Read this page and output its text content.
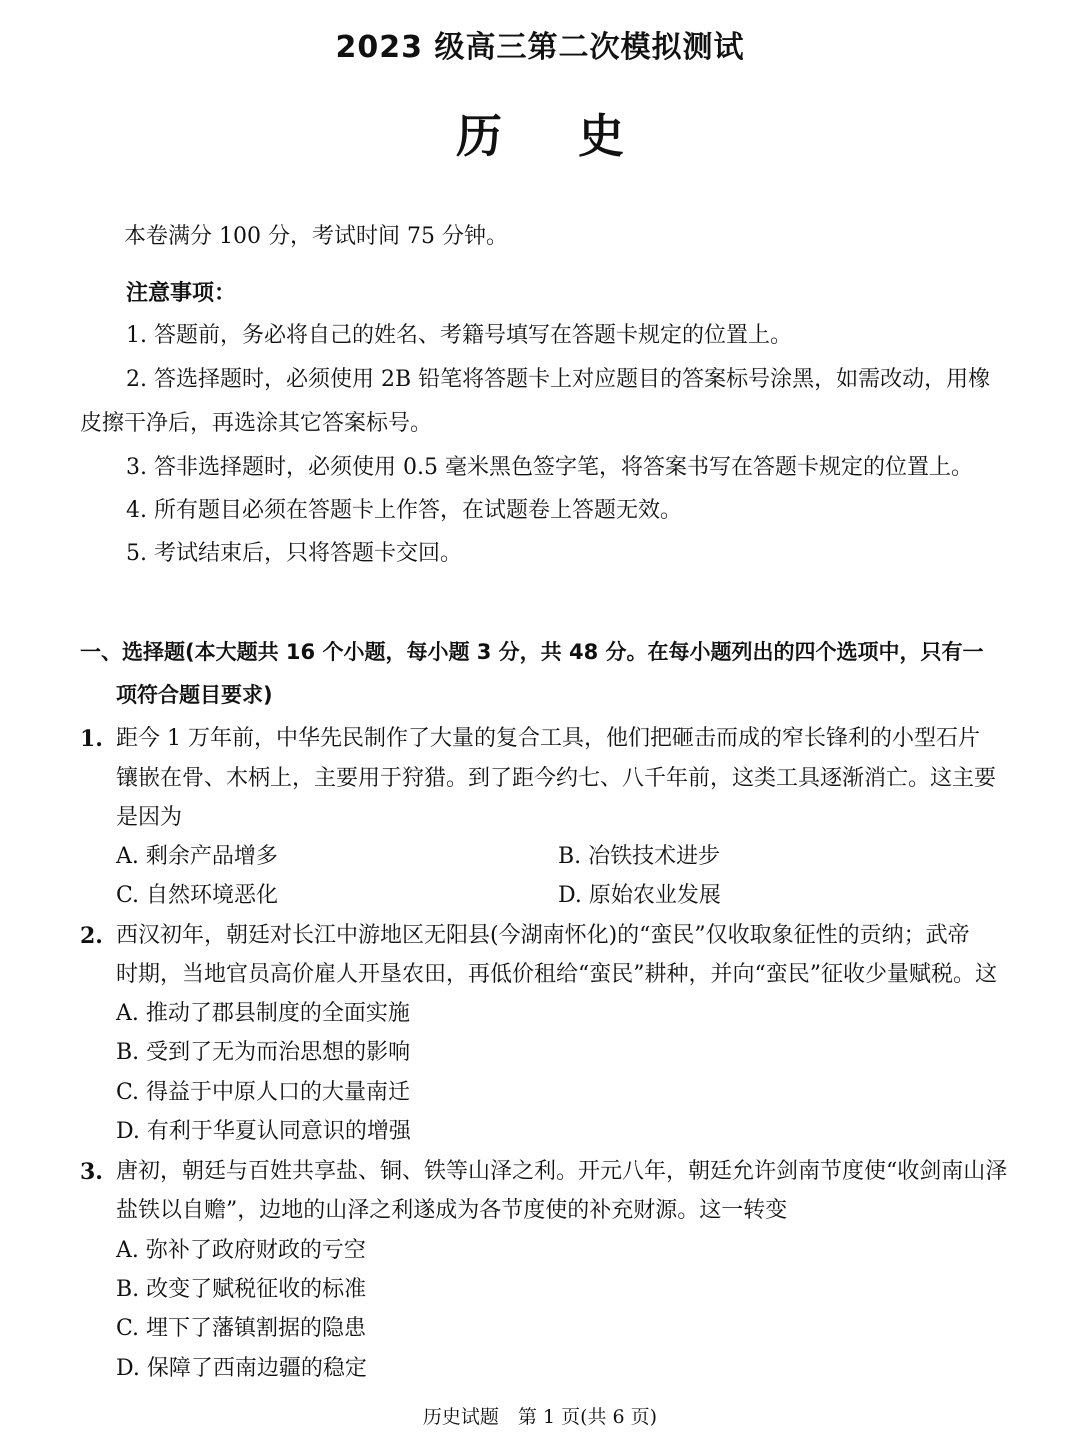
2023 级高三第二次模拟测试
历 史
本卷满分 100 分，考试时间 75 分钟。
注意事项：
1. 答题前，务必将自己的姓名、考籍号填写在答题卡规定的位置上。
2. 答选择题时，必须使用 2B 铅笔将答题卡上对应题目的答案标号涂黑，如需改动，用橡
皮擦干净后，再选涂其它答案标号。
3. 答非选择题时，必须使用 0.5 毫米黑色签字笔，将答案书写在答题卡规定的位置上。
4. 所有题目必须在答题卡上作答，在试题卷上答题无效。
5. 考试结束后，只将答题卡交回。
一、选择题(本大题共 16 个小题，每小题 3 分，共 48 分。在每小题列出的四个选项中，只有一
项符合题目要求)
1. 距今 1 万年前，中华先民制作了大量的复合工具，他们把砸击而成的窄长锋利的小型石片
镶嵌在骨、木柄上，主要用于狩猎。到了距今约七、八千年前，这类工具逐渐消亡。这主要
是因为
A. 剩余产品增多	B. 冶铁技术进步
C. 自然环境恶化	D. 原始农业发展
2. 西汉初年，朝廷对长江中游地区无阳县(今湖南怀化)的“蛮民”仅收取象征性的贡纳；武帝
时期，当地官员高价雇人开垦农田，再低价租给“蛮民”耕种，并向“蛮民”征收少量赋税。这
A. 推动了郡县制度的全面实施
B. 受到了无为而治思想的影响
C. 得益于中原人口的大量南迁
D. 有利于华夏认同意识的增强
3. 唐初，朝廷与百姓共享盐、铜、铁等山泽之利。开元八年，朝廷允许剑南节度使“收剑南山泽
盐铁以自赡”，边地的山泽之利遂成为各节度使的补充财源。这一转变
A. 弥补了政府财政的亏空
B. 改变了赋税征收的标准
C. 埋下了藩镇割据的隐患
D. 保障了西南边疆的稳定
历史试题　第 1 页(共 6 页)
